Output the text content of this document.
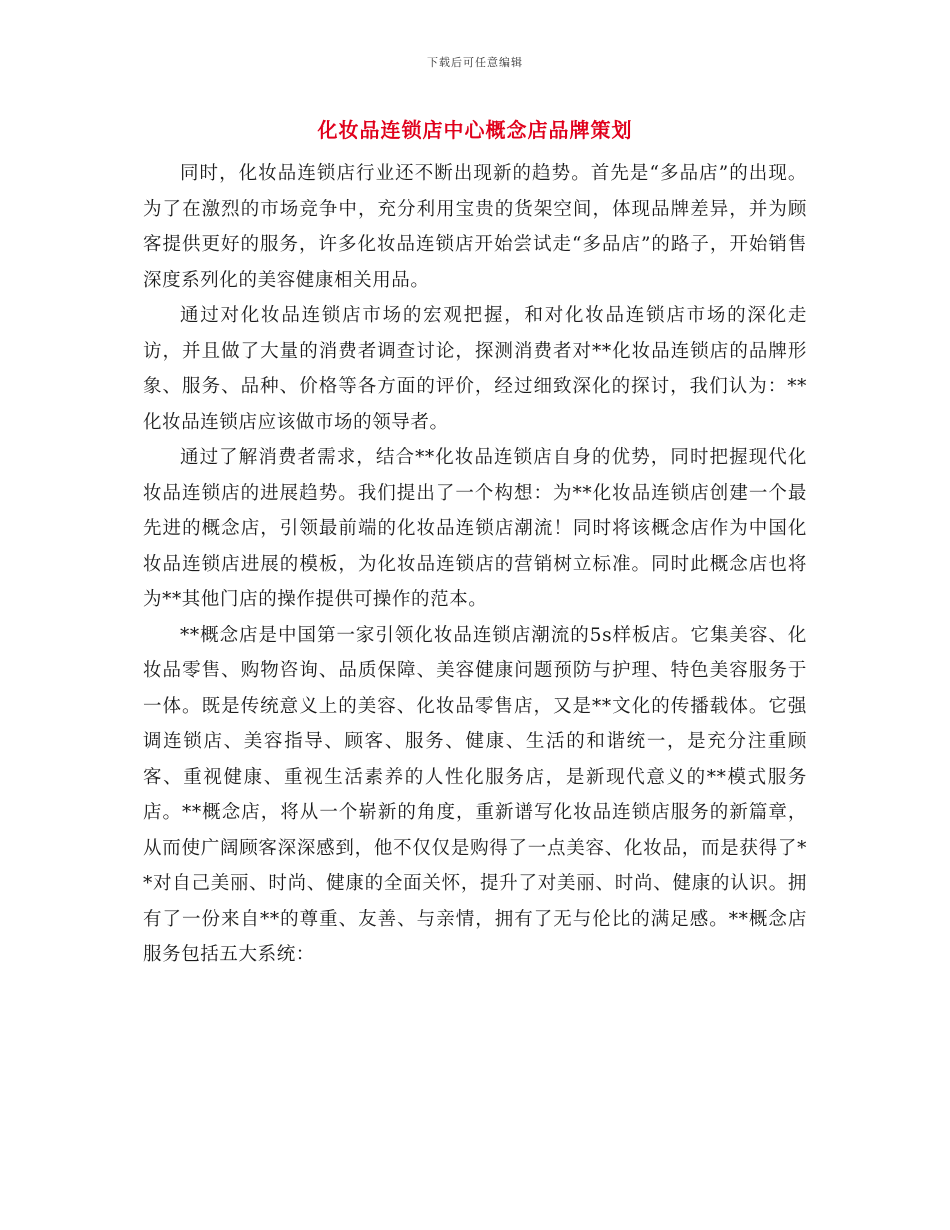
下载后可任意编辑
化妆品连锁店中心概念店品牌策划

同时，化妆品连锁店行业还不断出现新的趋势。首先是“多品店”的出现。为了在激烈的市场竞争中，充分利用宝贵的货架空间，体现品牌差异，并为顾客提供更好的服务，许多化妆品连锁店开始尝试走“多品店”的路子，开始销售深度系列化的美容健康相关用品。

通过对化妆品连锁店市场的宏观把握，和对化妆品连锁店市场的深化走访，并且做了大量的消费者调查讨论，探测消费者对**化妆品连锁店的品牌形象、服务、品种、价格等各方面的评价，经过细致深化的探讨，我们认为：**化妆品连锁店应该做市场的领导者。

通过了解消费者需求，结合**化妆品连锁店自身的优势，同时把握现代化妆品连锁店的进展趋势。我们提出了一个构想：为**化妆品连锁店创建一个最先进的概念店，引领最前端的化妆品连锁店潮流！同时将该概念店作为中国化妆品连锁店进展的模板，为化妆品连锁店的营销树立标准。同时此概念店也将为**其他门店的操作提供可操作的范本。

**概念店是中国第一家引领化妆品连锁店潮流的5s样板店。它集美容、化妆品零售、购物咨询、品质保障、美容健康问题预防与护理、特色美容服务于一体。既是传统意义上的美容、化妆品零售店，又是**文化的传播载体。它强调连锁店、美容指导、顾客、服务、健康、生活的和谐统一，是充分注重顾客、重视健康、重视生活素养的人性化服务店，是新现代意义的**模式服务店。**概念店，将从一个崭新的角度，重新谱写化妆品连锁店服务的新篇章，从而使广阔顾客深深感到，他不仅仅是购得了一点美容、化妆品，而是获得了**对自己美丽、时尚、健康的全面关怀，提升了对美丽、时尚、健康的认识。拥有了一份来自**的尊重、友善、与亲情，拥有了无与伦比的满足感。**概念店服务包括五大系统：
